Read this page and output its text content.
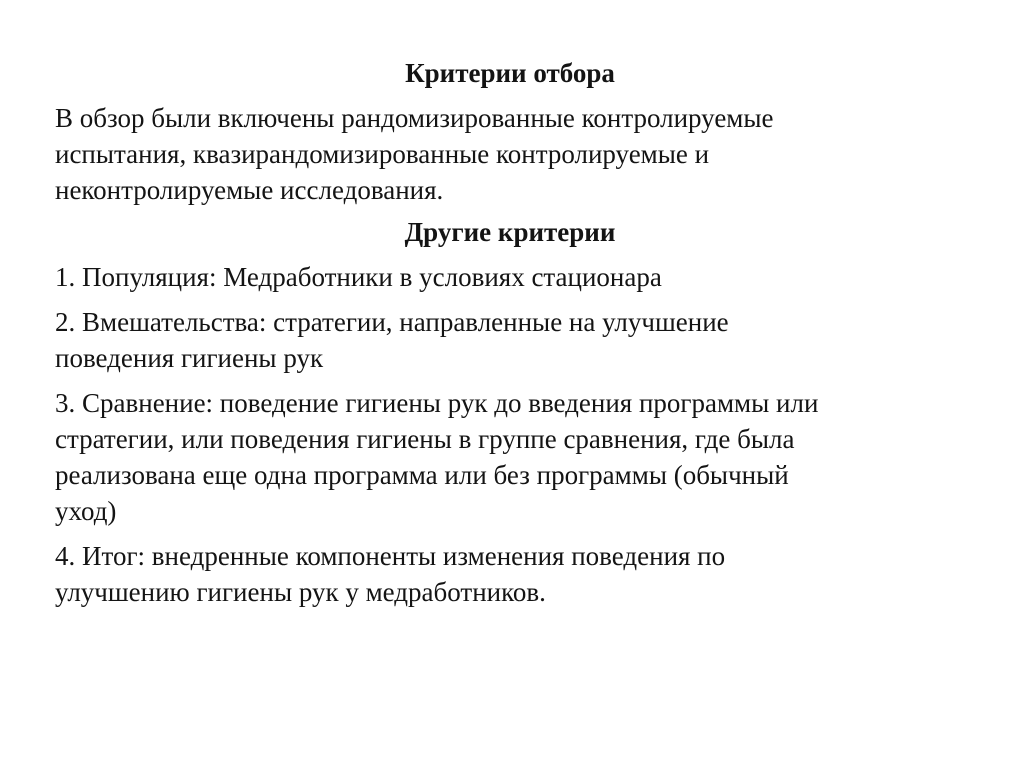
Критерии отбора

В обзор были включены рандомизированные контролируемые
испытания, квазирандомизированные контролируемые и
неконтролируемые исследования.

Другие критерии

1. Популяция: Медработники в условиях стационара

2. Вмешательства: стратегии, направленные на улучшение
поведения гигиены рук

3. Сравнение: поведение гигиены рук до введения программы или
стратегии, или поведения гигиены в группе сравнения, где была
реализована еще одна программа или без программы (обычный
уход)

4. Итог: внедренные компоненты изменения поведения по
улучшению гигиены рук у медработников.
